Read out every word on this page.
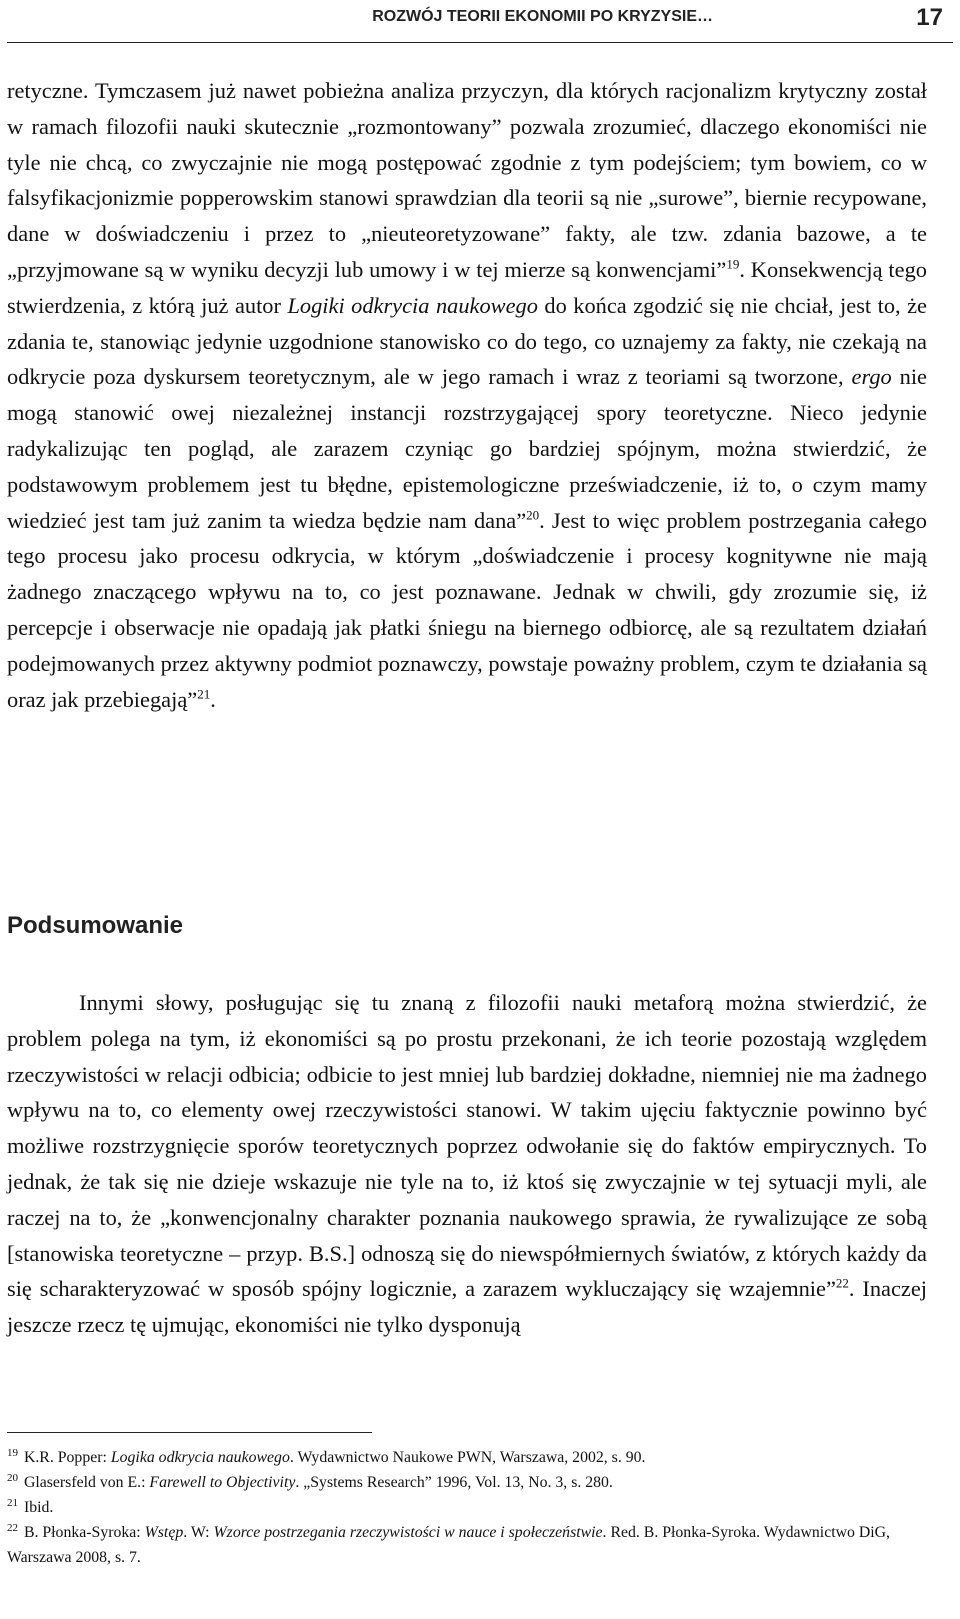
ROZWÓJ TEORII EKONOMII PO KRYZYSIE…	17

retyczne. Tymczasem już nawet pobieżna analiza przyczyn, dla których racjonalizm krytyczny został w ramach filozofii nauki skutecznie „rozmontowany” pozwala zrozumieć, dlaczego ekonomiści nie tyle nie chcą, co zwyczajnie nie mogą postępować zgodnie z tym podejściem; tym bowiem, co w falsyfikacjonizmie popperowskim stanowi sprawdzian dla teorii są nie „surowe”, biernie recypowane, dane w doświadczeniu i przez to „nieuteoretyzowane” fakty, ale tzw. zdania bazowe, a te „przyjmowane są w wyniku decyzji lub umowy i w tej mierze są konwencjami”$^{19}$. Konsekwencją tego stwierdzenia, z którą już autor Logiki odkrycia naukowego do końca zgodzić się nie chciał, jest to, że zdania te, stanowiąc jedynie uzgodnione stanowisko co do tego, co uznajemy za fakty, nie czekają na odkrycie poza dyskursem teoretycznym, ale w jego ramach i wraz z teoriami są tworzone, ergo nie mogą stanowić owej niezależnej instancji rozstrzygającej spory teoretyczne. Nieco jedynie radykalizując ten pogląd, ale zarazem czyniąc go bardziej spójnym, można stwierdzić, że podstawowym problemem jest tu błędne, epistemologiczne przeświadczenie, iż to, o czym mamy wiedzieć jest tam już zanim ta wiedza będzie nam dana”$^{20}$. Jest to więc problem postrzegania całego tego procesu jako procesu odkrycia, w którym „doświadczenie i procesy kognitywne nie mają żadnego znaczącego wpływu na to, co jest poznawane. Jednak w chwili, gdy zrozumie się, iż percepcje i obserwacje nie opadają jak płatki śniegu na biernego odbiorcę, ale są rezultatem działań podejmowanych przez aktywny podmiot poznawczy, powstaje poważny problem, czym te działania są oraz jak przebiegają”$^{21}$.

Podsumowanie

Innymi słowy, posługując się tu znaną z filozofii nauki metaforą można stwierdzić, że problem polega na tym, iż ekonomiści są po prostu przekonani, że ich teorie pozostają względem rzeczywistości w relacji odbicia; odbicie to jest mniej lub bardziej dokładne, niemniej nie ma żadnego wpływu na to, co elementy owej rzeczywistości stanowi. W takim ujęciu faktycznie powinno być możliwe rozstrzygnięcie sporów teoretycznych poprzez odwołanie się do faktów empirycznych. To jednak, że tak się nie dzieje wskazuje nie tyle na to, iż ktoś się zwyczajnie w tej sytuacji myli, ale raczej na to, że „konwencjonalny charakter poznania naukowego sprawia, że rywalizujące ze sobą [stanowiska teoretyczne – przyp. B.S.] odnoszą się do niewspółmiernych światów, z których każdy da się scharakteryzować w sposób spójny logicznie, a zarazem wykluczający się wzajemnie”$^{22}$. Inaczej jeszcze rzecz tę ujmując, ekonomiści nie tylko dysponują

$^{19}$ K.R. Popper: Logika odkrycia naukowego. Wydawnictwo Naukowe PWN, Warszawa, 2002, s. 90.

$^{20}$ Glasersfeld von E.: Farewell to Objectivity. „Systems Research” 1996, Vol. 13, No. 3, s. 280.

$^{21}$ Ibid.

$^{22}$ B. Płonka-Syroka: Wstęp. W: Wzorce postrzegania rzeczywistości w nauce i społeczeństwie. Red. B. Płonka-Syroka. Wydawnictwo DiG, Warszawa 2008, s. 7.
